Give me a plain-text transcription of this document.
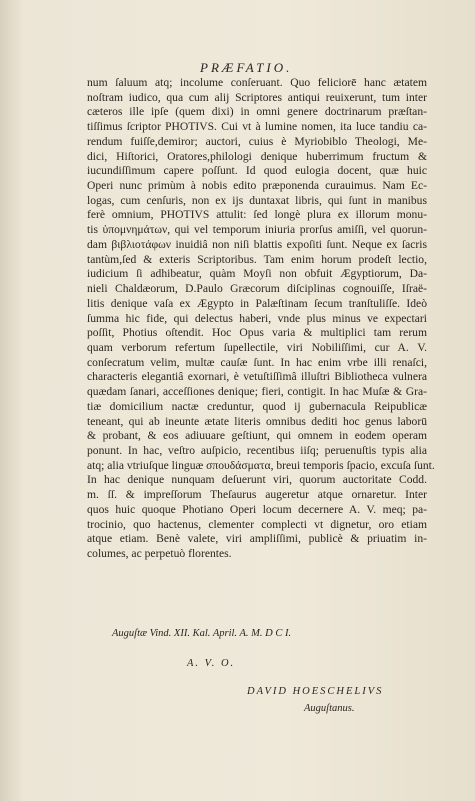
PRÆFATIO.
num ſaluum atq; incolume conſeruant. Quo feliciorē hanc ætatem
noſtram iudico, qua cum alij Scriptores antiqui reuixerunt, tum inter
cæteros ille ipſe (quem dixi) in omni genere doctrinarum præſtan-
tiſſimus ſcriptor PHOTIVS. Cui vt à lumine nomen, ita luce tandiu ca-
rendum fuiſſe,demiror; auctori, cuius è Myriobiblo Theologi, Me-
dici, Hiſtorici, Oratores,philologi denique huberrimum fructum &
iucundiſſimum capere poſſunt. Id quod eulogia docent, quæ huic
Operi nunc primùm à nobis edito præponenda curauimus. Nam Ec-
logas, cum cenſuris, non ex ijs duntaxat libris, qui ſunt in manibus
ferè omnium, PHOTIVS attulit: ſed longè plura ex illorum monu-
tis ὑπομνημάτων, qui vel temporum iniuria prorſus amiſſi, vel quorun-
dam βιβλιοτάφων inuidiâ non niſi blattis expoſiti ſunt. Neque ex ſacris
tantùm,ſed & exteris Scriptoribus. Tam enim horum prodeſt lectio,
iudicium ſi adhibeatur, quàm Moyſi non obfuit Ægyptiorum, Da-
nieli Chaldæorum, D.Paulo Græcorum diſciplinas cognouiſſe, Iſraë-
litis denique vaſa ex Ægypto in Palæſtinam ſecum tranſtuliſſe. Ideò
ſumma hic fide, qui delectus haberi, vnde plus minus ve expectari
poſſit, Photius oſtendit. Hoc Opus varia & multiplici tam rerum
quam verborum refertum ſupellectile, viri Nobiliſſimi, cur A. V.
conſecratum velim, multæ cauſæ ſunt. In hac enim vrbe illi renaſci,
characteris elegantiâ exornari, è vetuſtiſſimâ illuſtri Bibliotheca vulnera
quædam ſanari, acceſſiones denique; fieri, contigit. In hac Muſæ & Gra-
tiæ domicilium nactæ creduntur, quod ij gubernacula Reipublicæ
teneant, qui ab ineunte ætate literis omnibus dediti hoc genus laborū
& probant, & eos adiuuare geſtiunt, qui omnem in eodem operam
ponunt. In hac, veſtro auſpicio, recentibus iiſq; peruenuſtis typis alia
atq; alia vtriuſque linguæ σπουδάσματα, breui temporis ſpacio, excuſa ſunt.
In hac denique nunquam deſuerunt viri, quorum auctoritate Codd.
m. ſſ. & impreſſorum Theſaurus augeretur atque ornaretur. Inter
quos huic quoque Photiano Operi locum decernere A. V. meq; pa-
trocinio, quo hactenus, clementer complecti vt dignetur, oro etiam
atque etiam. Benè valete, viri ampliſſimi, publicè & priuatim in-
columes, ac perpetuò florentes.
Auguſtæ Vind. XII. Kal. April. A. M. D C I.
A. V. O.
DAVID HOESCHELIVS
Auguſtanus.
